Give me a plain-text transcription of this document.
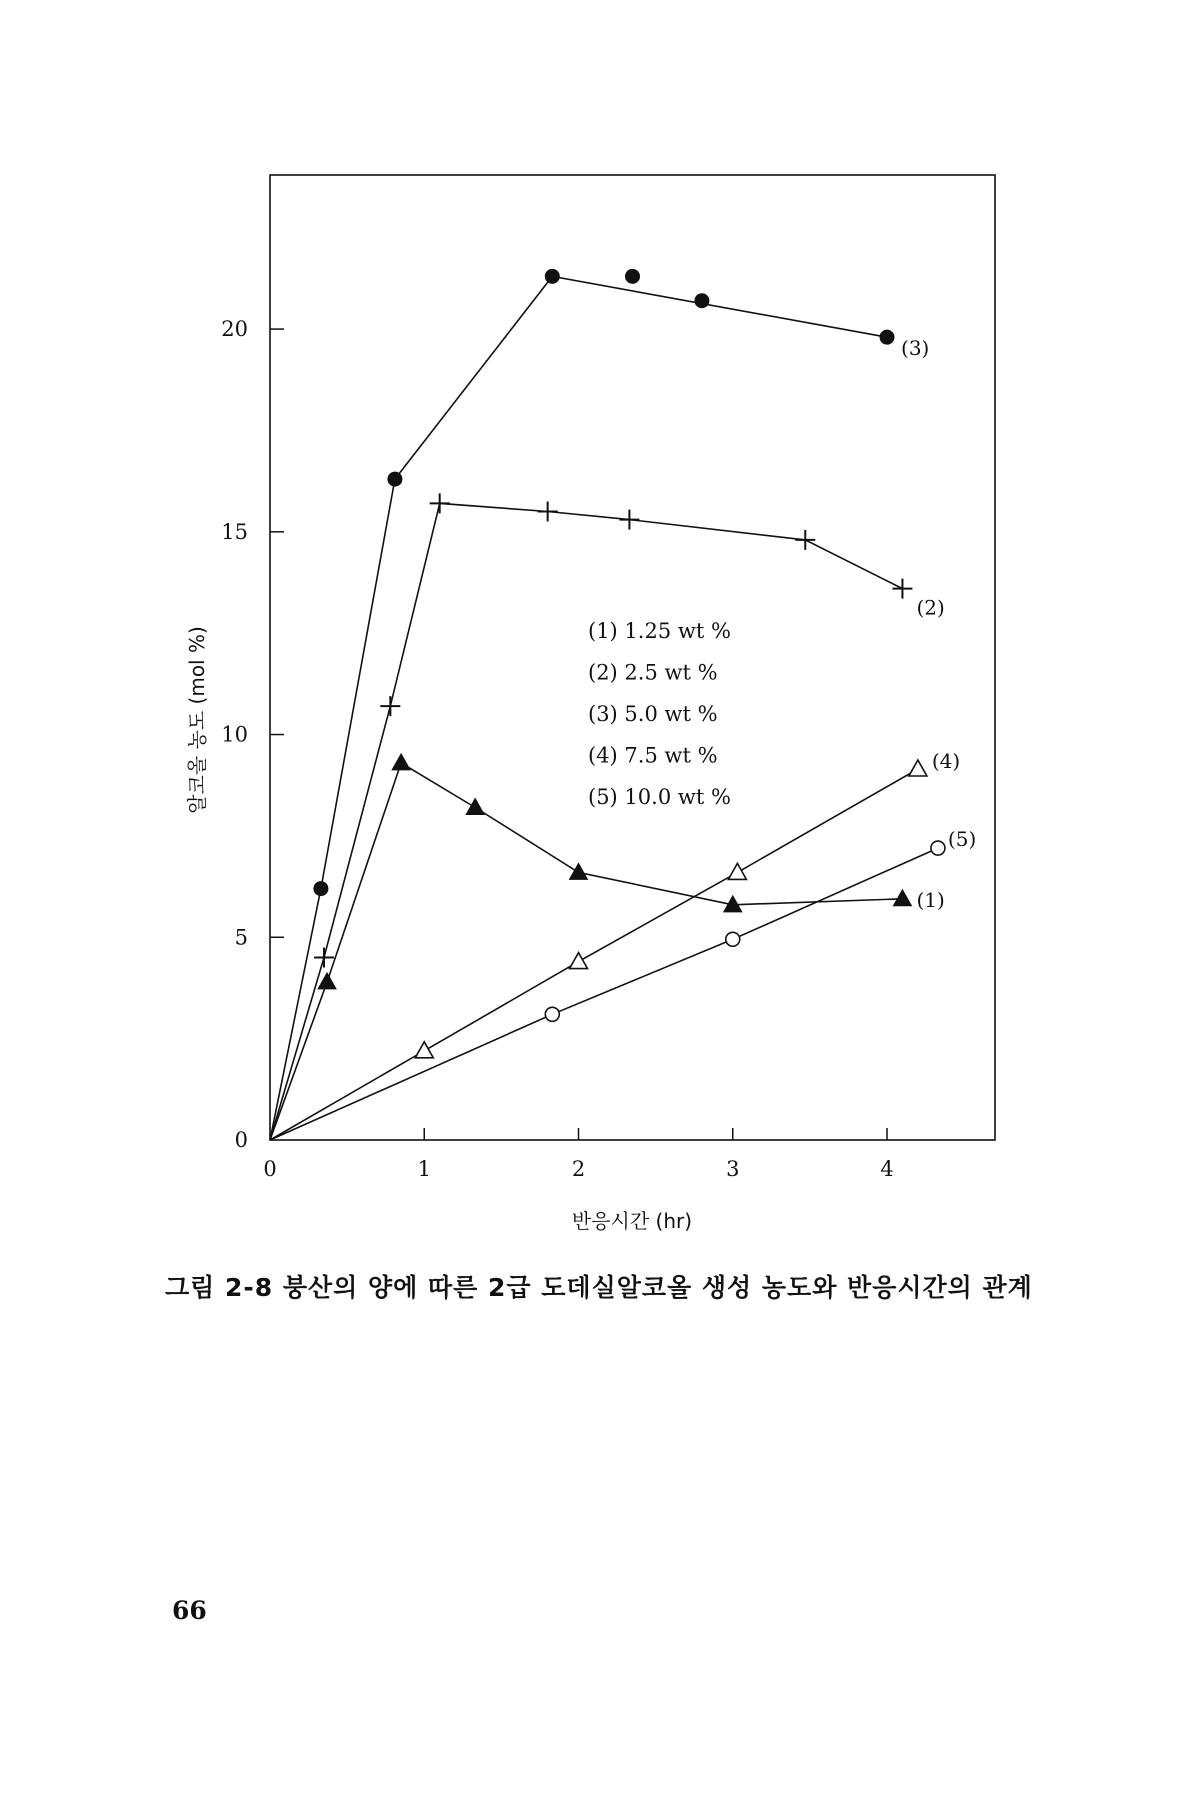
0	1	2	3	4
0
5
10
15
20
(1)
(2)
(3)
(4)
(5)
(1) 1.25 wt %
(2) 2.5 wt %
(3) 5.0 wt %
(4) 7.5 wt %
(5) 10.0 wt %
반응시간 (hr)
알코올 농도 (mol %)
그림 2-8 붕산의 양에 따른 2급 도데실알코올 생성 농도와 반응시간의 관계
66
